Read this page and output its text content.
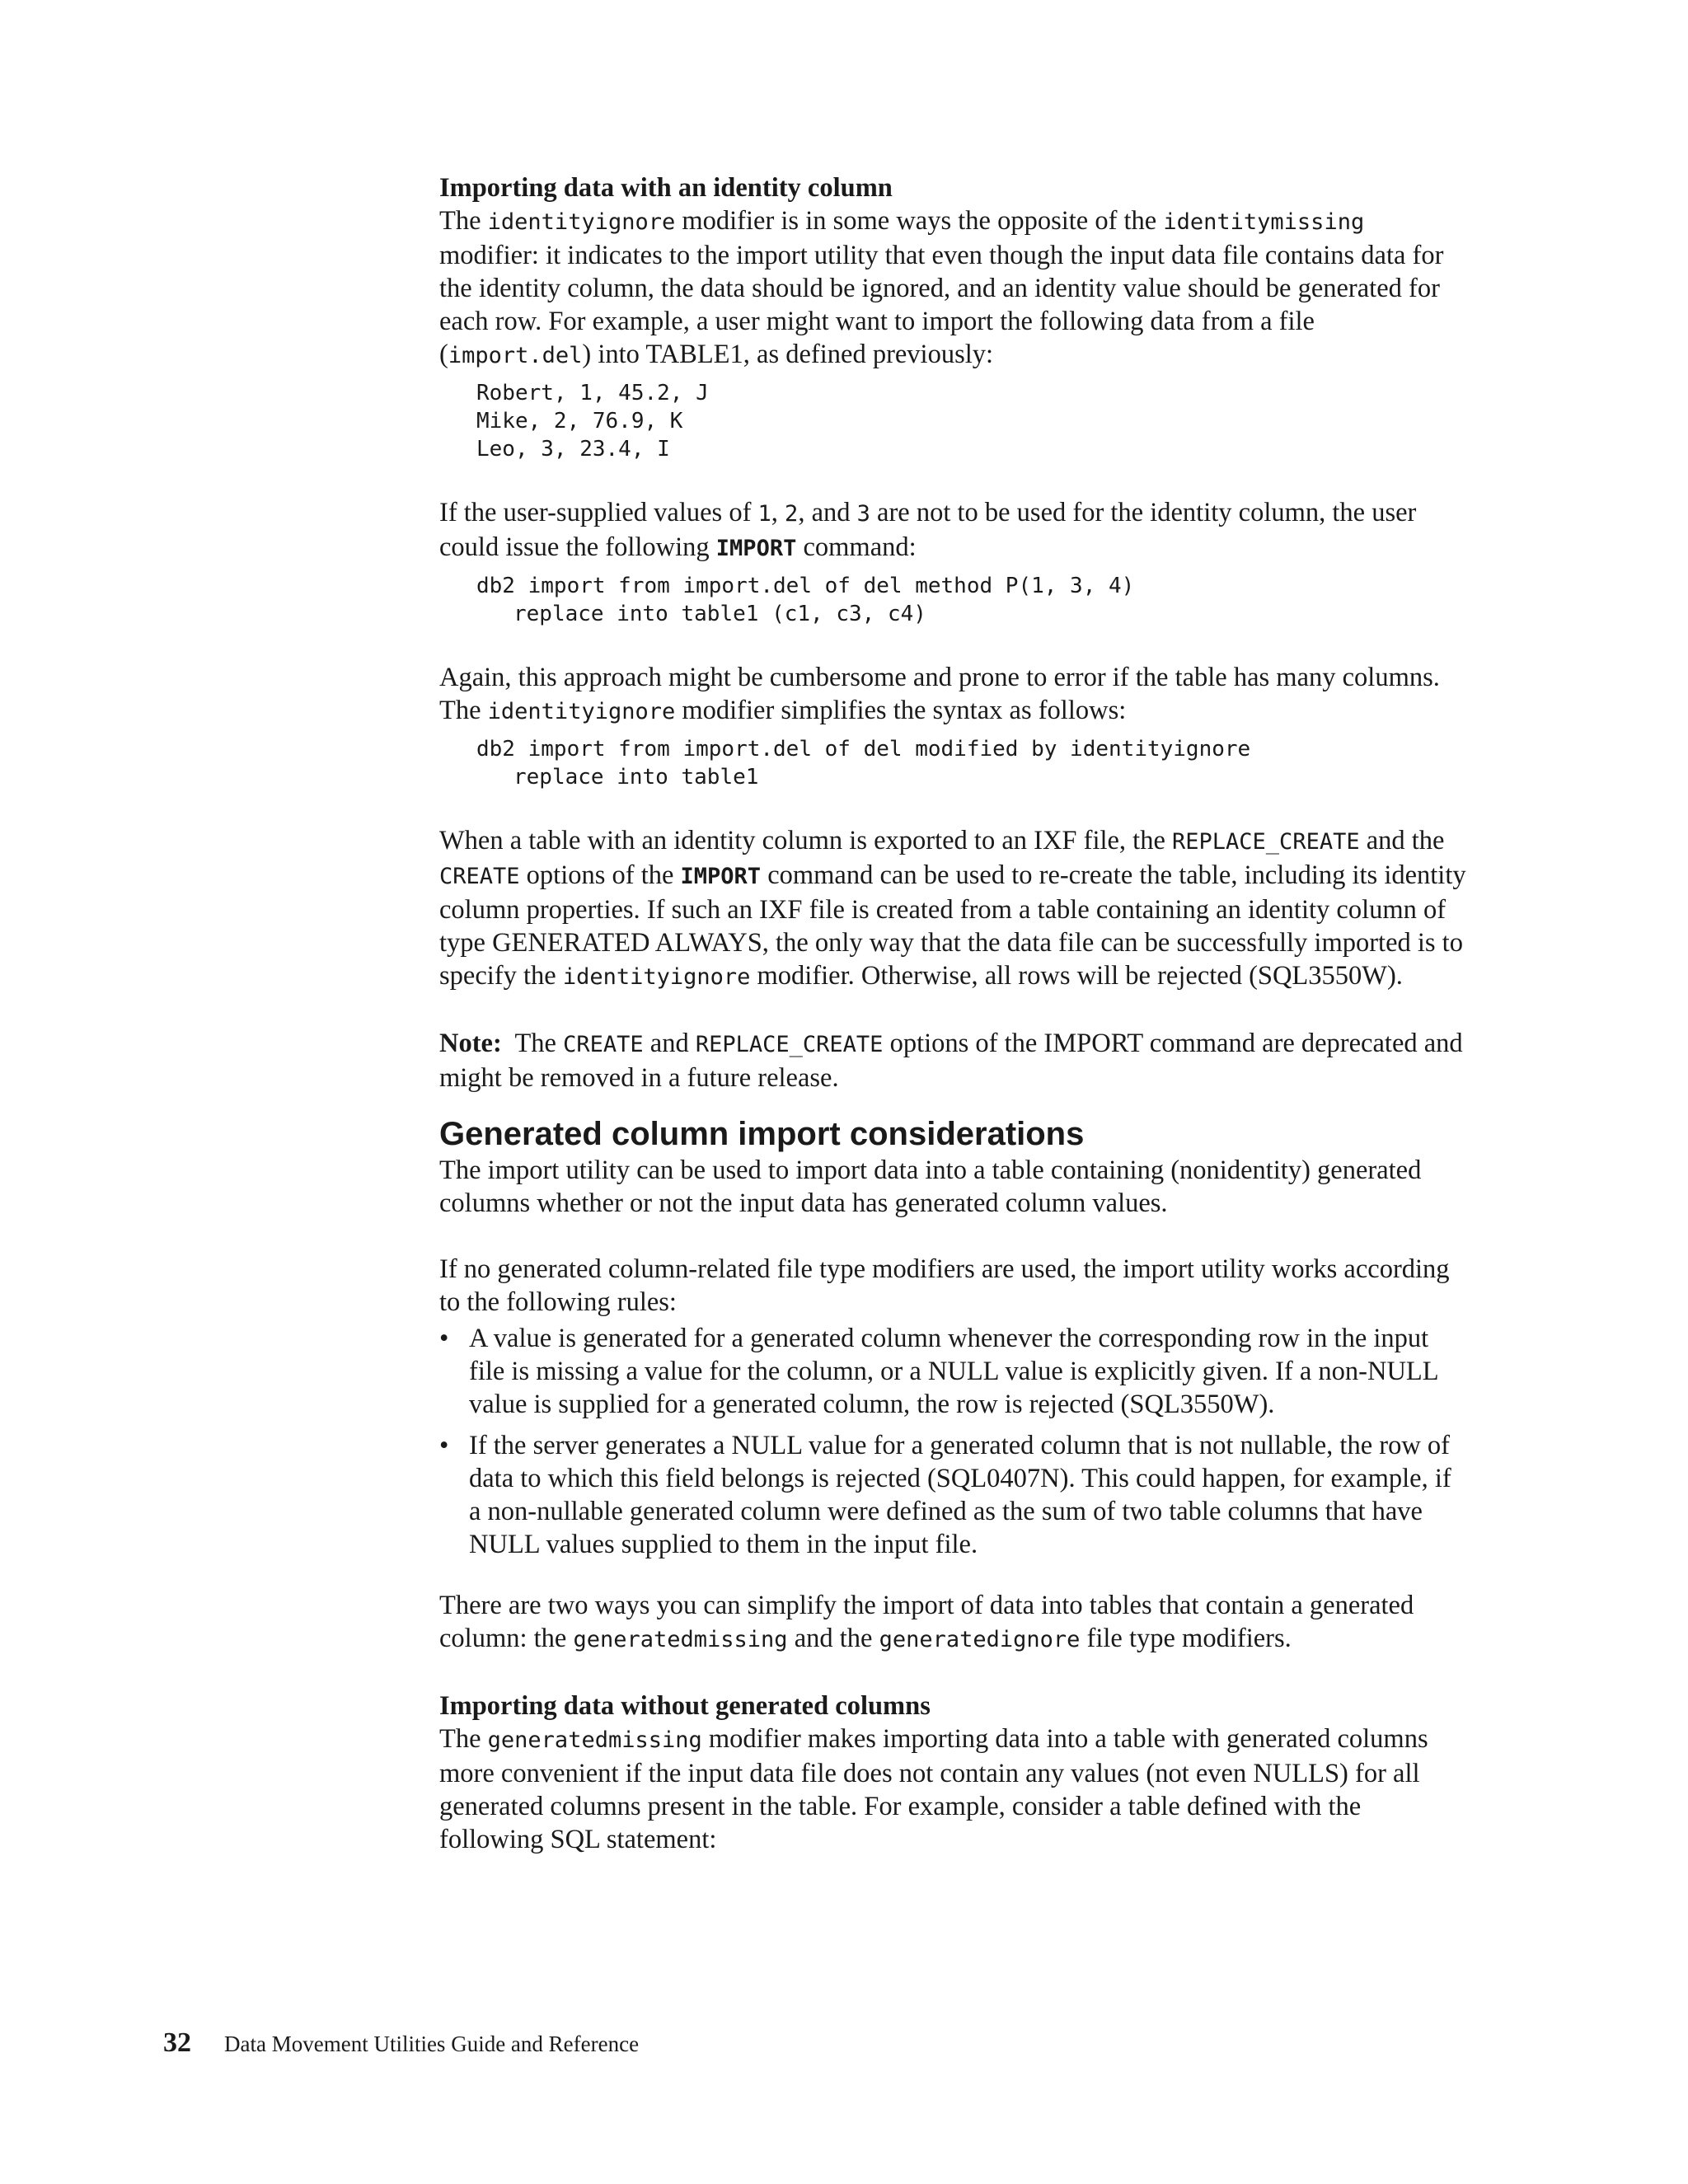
Importing data with an identity column

The identityignore modifier is in some ways the opposite of the identitymissing modifier: it indicates to the import utility that even though the input data file contains data for the identity column, the data should be ignored, and an identity value should be generated for each row. For example, a user might want to import the following data from a file (import.del) into TABLE1, as defined previously:

Robert, 1, 45.2, J
Mike, 2, 76.9, K
Leo, 3, 23.4, I

If the user-supplied values of 1, 2, and 3 are not to be used for the identity column, the user could issue the following IMPORT command:

db2 import from import.del of del method P(1, 3, 4)
replace into table1 (c1, c3, c4)

Again, this approach might be cumbersome and prone to error if the table has many columns. The identityignore modifier simplifies the syntax as follows:

db2 import from import.del of del modified by identityignore
replace into table1

When a table with an identity column is exported to an IXF file, the REPLACE_CREATE and the CREATE options of the IMPORT command can be used to re-create the table, including its identity column properties. If such an IXF file is created from a table containing an identity column of type GENERATED ALWAYS, the only way that the data file can be successfully imported is to specify the identityignore modifier. Otherwise, all rows will be rejected (SQL3550W).

Note:  The CREATE and REPLACE_CREATE options of the IMPORT command are deprecated and might be removed in a future release.

Generated column import considerations

The import utility can be used to import data into a table containing (nonidentity) generated columns whether or not the input data has generated column values.

If no generated column-related file type modifiers are used, the import utility works according to the following rules:

• A value is generated for a generated column whenever the corresponding row in the input file is missing a value for the column, or a NULL value is explicitly given. If a non-NULL value is supplied for a generated column, the row is rejected (SQL3550W).
• If the server generates a NULL value for a generated column that is not nullable, the row of data to which this field belongs is rejected (SQL0407N). This could happen, for example, if a non-nullable generated column were defined as the sum of two table columns that have NULL values supplied to them in the input file.

There are two ways you can simplify the import of data into tables that contain a generated column: the generatedmissing and the generatedignore file type modifiers.

Importing data without generated columns

The generatedmissing modifier makes importing data into a table with generated columns more convenient if the input data file does not contain any values (not even NULLS) for all generated columns present in the table. For example, consider a table defined with the following SQL statement:

32 Data Movement Utilities Guide and Reference
